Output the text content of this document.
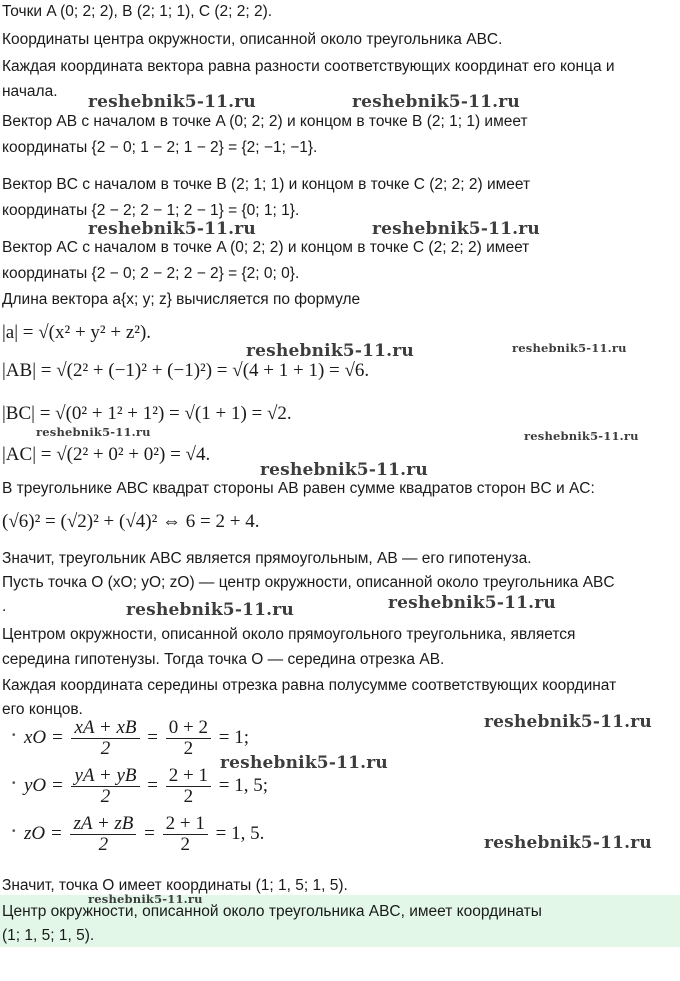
Точки A (0; 2; 2), B (2; 1; 1), C (2; 2; 2).
Координаты центра окружности, описанной около треугольника ABC.
Каждая координата вектора равна разности соответствующих координат его конца и
начала.
Вектор AB с началом в точке A (0; 2; 2) и концом в точке B (2; 1; 1) имеет
координаты {2 − 0; 1 − 2; 1 − 2} = {2; −1; −1}.
Вектор BC с началом в точке B (2; 1; 1) и концом в точке C (2; 2; 2) имеет
координаты {2 − 2; 2 − 1; 2 − 1} = {0; 1; 1}.
Вектор AC с началом в точке A (0; 2; 2) и концом в точке C (2; 2; 2) имеет
координаты {2 − 0; 2 − 2; 2 − 2} = {2; 0; 0}.
Длина вектора a{x; y; z} вычисляется по формуле
|a| = √(x² + y² + z²).
|AB| = √(2² + (−1)² + (−1)²) = √(4 + 1 + 1) = √6.
|BC| = √(0² + 1² + 1²) = √(1 + 1) = √2.
|AC| = √(2² + 0² + 0²) = √4.
В треугольнике ABC квадрат стороны AB равен сумме квадратов сторон BC и AC:
(√6)² = (√2)² + (√4)² ⇔ 6 = 2 + 4.
Значит, треугольник ABC является прямоугольным, AB — его гипотенуза.
Пусть точка O (xO; yO; zO) — центр окружности, описанной около треугольника ABC
.
Центром окружности, описанной около прямоугольного треугольника, является
середина гипотенузы. Тогда точка O — середина отрезка AB.
Каждая координата середины отрезка равна полусумме соответствующих координат
его концов.
• xO = $\frac{xA + xB}{2} = \frac{0 + 2}{2} = 1$;
• yO = $\frac{yA + yB}{2} = \frac{2 + 1}{2} = 1$, 5;
• zO = $\frac{zA + zB}{2} = \frac{2 + 1}{2} = 1$, 5.
Значит, точка O имеет координаты (1; 1, 5; 1, 5).
Центр окружности, описанной около треугольника ABC, имеет координаты
(1; 1, 5; 1, 5).
reshebnik5-11.ru	reshebnik5-11.ru
reshebnik5-11.ru	reshebnik5-11.ru
reshebnik5-11.ru	reshebnik5-11.ru
reshebnik5-11.ru	reshebnik5-11.ru
reshebnik5-11.ru
reshebnik5-11.ru	reshebnik5-11.ru
reshebnik5-11.ru
reshebnik5-11.ru
reshebnik5-11.ru
reshebnik5-11.ru
